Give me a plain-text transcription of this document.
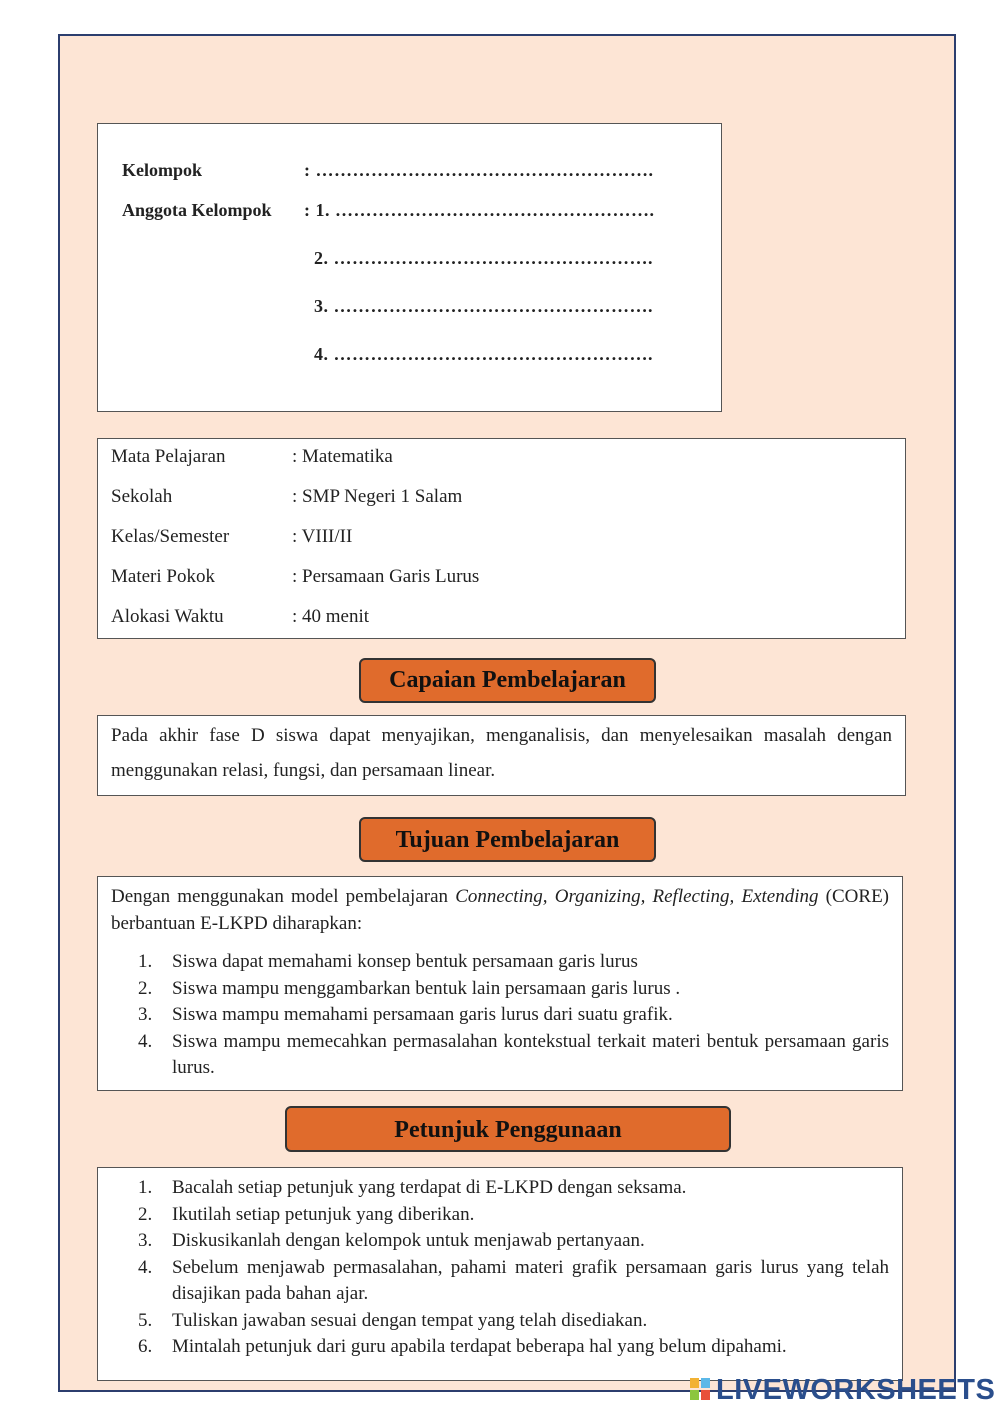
Kelompok	: ……………………………………………….
Anggota Kelompok : 1. …………………………………………….
2. …………………………………………….
3. …………………………………………….
4. …………………………………………….
Mata Pelajaran	: Matematika
Sekolah	: SMP Negeri 1 Salam
Kelas/Semester	: VIII/II
Materi Pokok	: Persamaan Garis Lurus
Alokasi Waktu	: 40 menit
Capaian Pembelajaran
Pada akhir fase D siswa dapat menyajikan, menganalisis, dan menyelesaikan masalah dengan menggunakan relasi, fungsi, dan persamaan linear.
Tujuan Pembelajaran
Dengan menggunakan model pembelajaran Connecting, Organizing, Reflecting, Extending (CORE) berbantuan E-LKPD diharapkan:
1. Siswa dapat memahami konsep bentuk persamaan garis lurus
2. Siswa mampu menggambarkan bentuk lain persamaan garis lurus .
3. Siswa mampu memahami persamaan garis lurus dari suatu grafik.
4. Siswa mampu memecahkan permasalahan kontekstual terkait materi bentuk persamaan garis lurus.
Petunjuk Penggunaan
1. Bacalah setiap petunjuk yang terdapat di E-LKPD dengan seksama.
2. Ikutilah setiap petunjuk yang diberikan.
3. Diskusikanlah dengan kelompok untuk menjawab pertanyaan.
4. Sebelum menjawab permasalahan, pahami materi grafik persamaan garis lurus yang telah disajikan pada bahan ajar.
5. Tuliskan jawaban sesuai dengan tempat yang telah disediakan.
6. Mintalah petunjuk dari guru apabila terdapat beberapa hal yang belum dipahami.
LIVEWORKSHEETS
